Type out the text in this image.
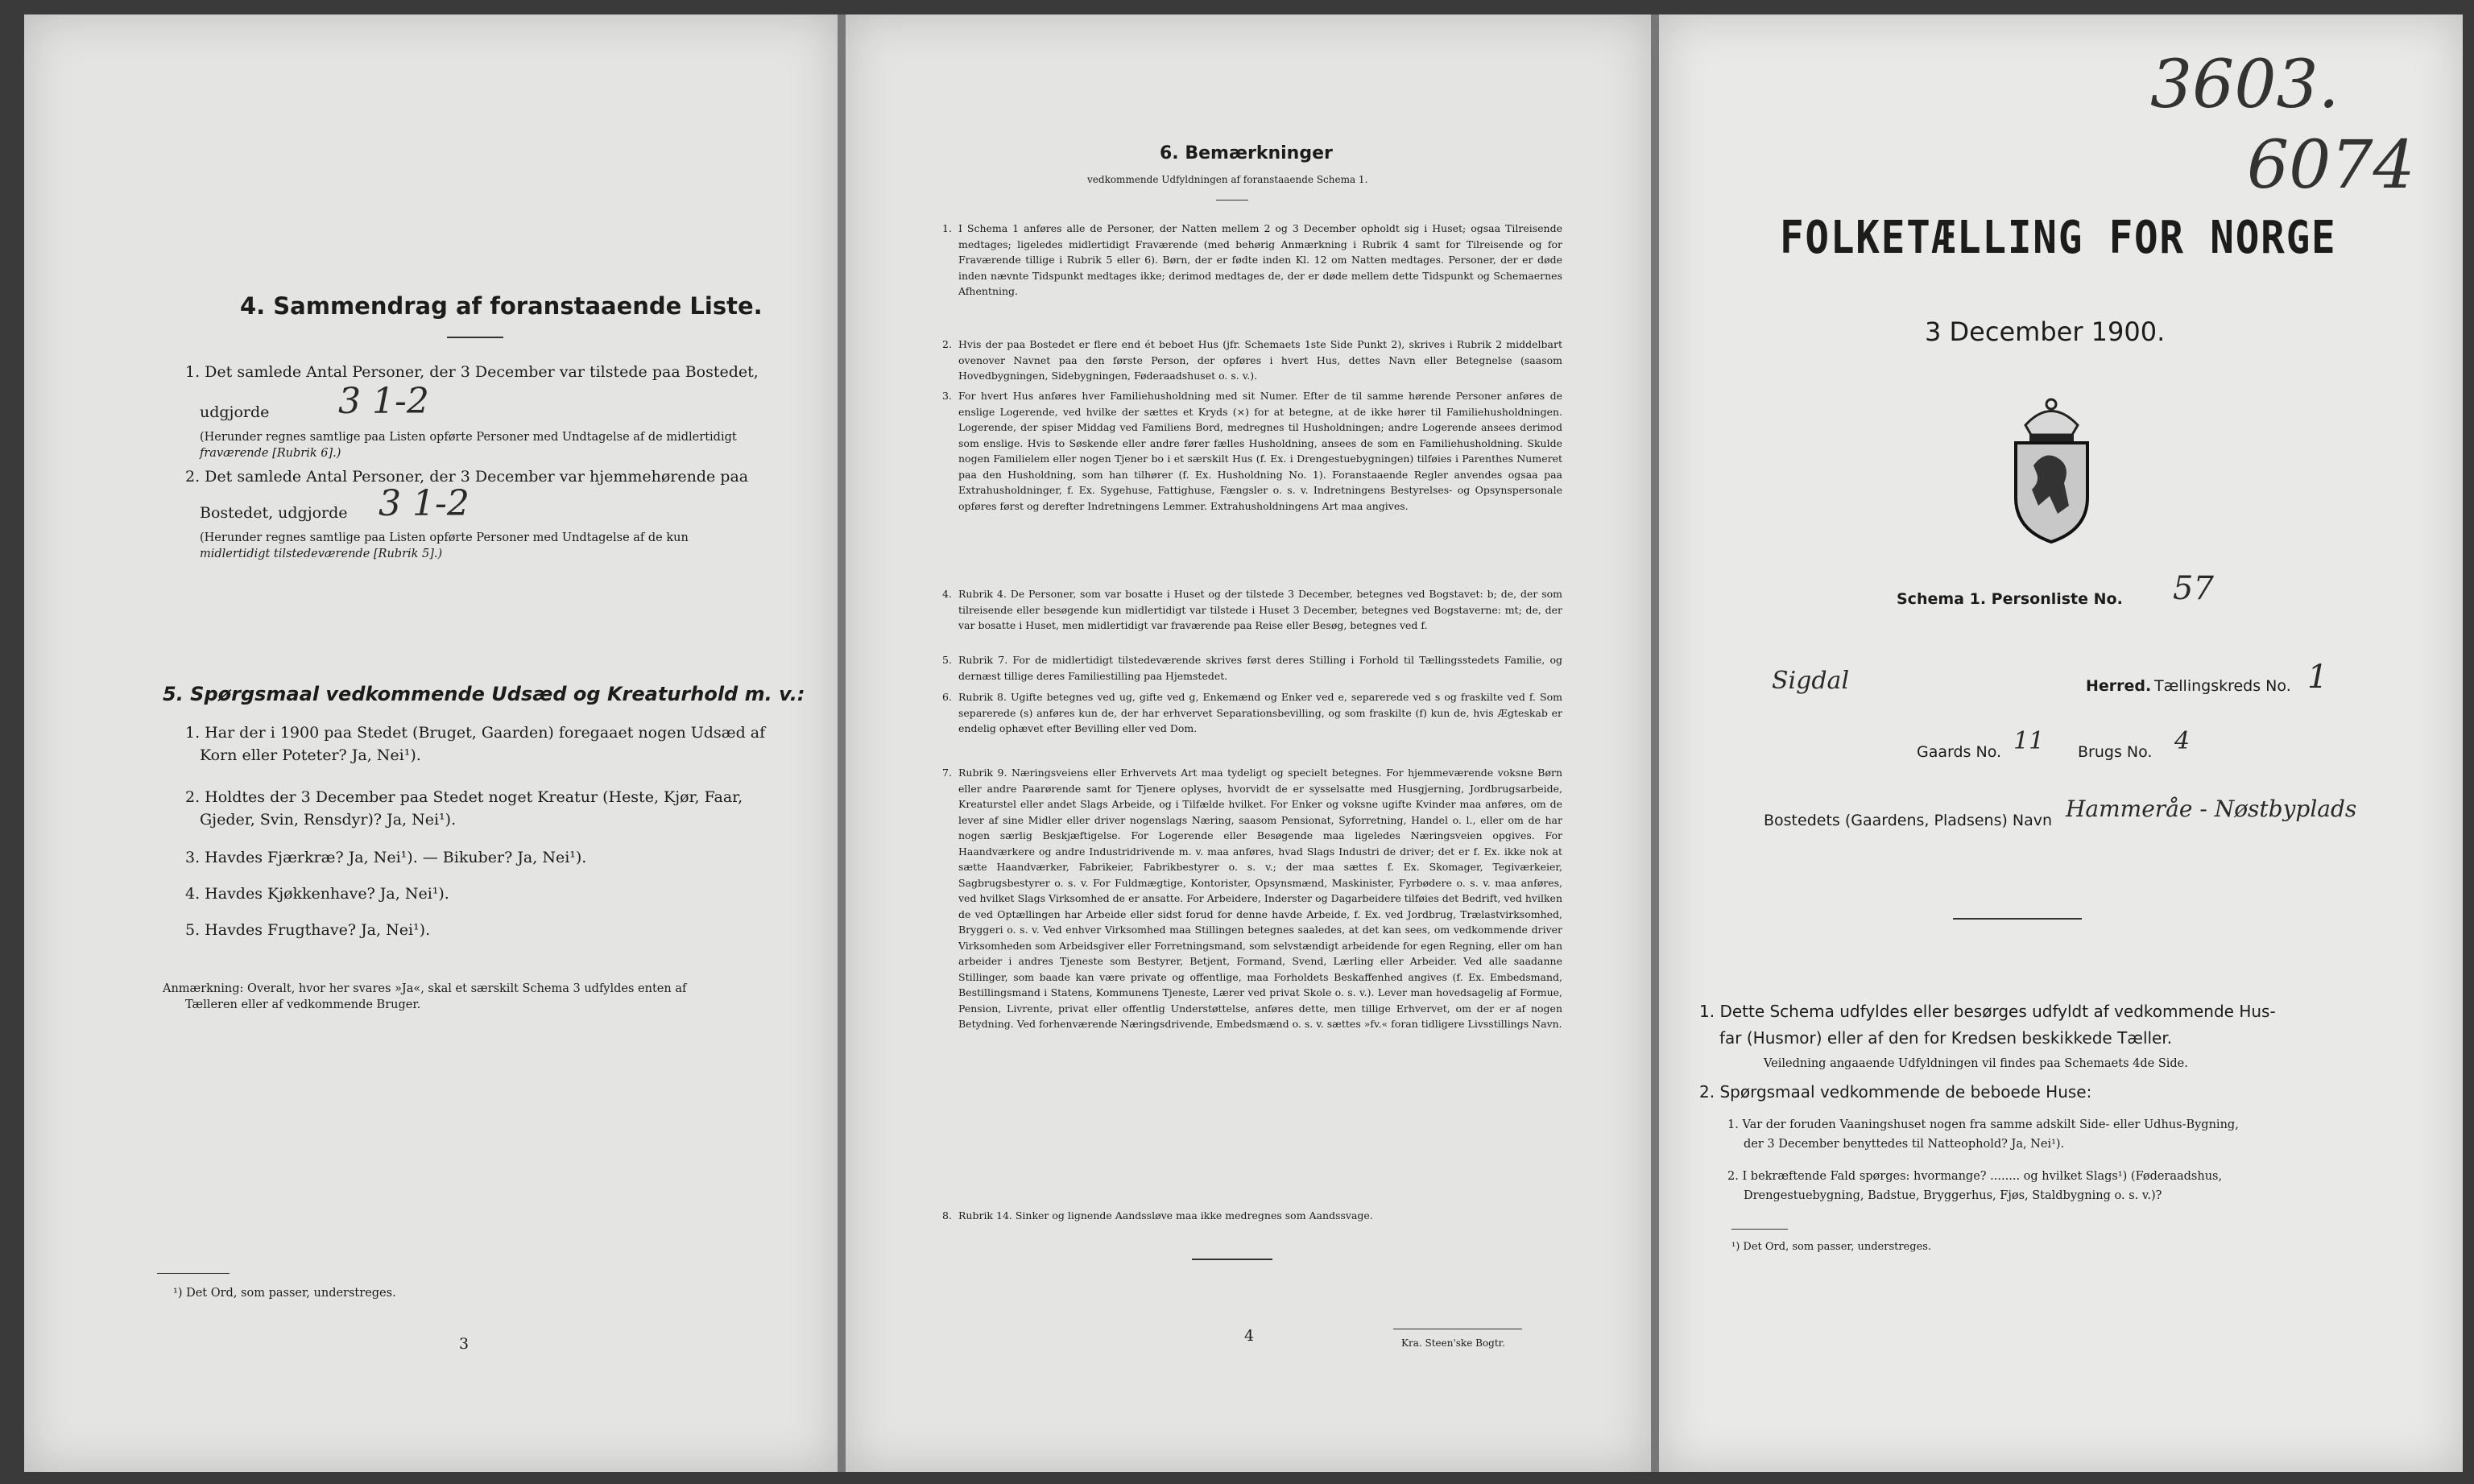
4. Sammendrag af foranstaaende Liste.
1. Det samlede Antal Personer, der 3 December var tilstede paa Bostedet,
udgjorde 3 1-2
(Herunder regnes samtlige paa Listen opførte Personer med Undtagelse af de midlertidigt
fraværende [Rubrik 6].)
2. Det samlede Antal Personer, der 3 December var hjemmehørende paa
Bostedet, udgjorde 3 1-2
(Herunder regnes samtlige paa Listen opførte Personer med Undtagelse af de kun
midlertidigt tilstedeværende [Rubrik 5].)
5. Spørgsmaal vedkommende Udsæd og Kreaturhold m. v.:
1. Har der i 1900 paa Stedet (Bruget, Gaarden) foregaaet nogen Udsæd af
Korn eller Poteter? Ja, Nei¹).
2. Holdtes der 3 December paa Stedet noget Kreatur (Heste, Kjør, Faar,
Gjeder, Svin, Rensdyr)? Ja, Nei¹).
3. Havdes Fjærkræ? Ja, Nei¹). — Bikuber? Ja, Nei¹).
4. Havdes Kjøkkenhave? Ja, Nei¹).
5. Havdes Frugthave? Ja, Nei¹).
Anmærkning: Overalt, hvor her svares »Ja«, skal et særskilt Schema 3 udfyldes enten af
Tælleren eller af vedkommende Bruger.
¹) Det Ord, som passer, understreges.
3
6. Bemærkninger
vedkommende Udfyldningen af foranstaaende Schema 1.
1. I Schema 1 anføres alle de Personer, der Natten mellem 2 og 3 December opholdt sig i Huset; ogsaa Tilreisende medtages; ligeledes midlertidigt Fraværende (med behørig Anmærkning i Rubrik 4 samt for Tilreisende og for Fraværende tillige i Rubrik 5 eller 6). Børn, der er fødte inden Kl. 12 om Natten medtages. Personer, der er døde inden nævnte Tidspunkt medtages ikke; derimod medtages de, der er døde mellem dette Tidspunkt og Schemaernes Afhentning.
2. Hvis der paa Bostedet er flere end ét beboet Hus (jfr. Schemaets 1ste Side Punkt 2), skrives i Rubrik 2 middelbart ovenover Navnet paa den første Person, der opføres i hvert Hus, dettes Navn eller Betegnelse (saasom Hovedbygningen, Sidebygningen, Føderaadshuset o. s. v.).
3. For hvert Hus anføres hver Familiehusholdning med sit Numer. Efter de til samme hørende Personer anføres de enslige Logerende, ved hvilke der sættes et Kryds (×) for at betegne, at de ikke hører til Familiehusholdningen. Logerende, der spiser Middag ved Familiens Bord, medregnes til Husholdningen; andre Logerende ansees derimod som enslige. Hvis to Søskende eller andre fører fælles Husholdning, ansees de som en Familiehusholdning. Skulde nogen Familielem eller nogen Tjener bo i et særskilt Hus (f. Ex. i Drengestuebygningen) tilføies i Parenthes Numeret paa den Husholdning, som han tilhører (f. Ex. Husholdning No. 1). Foranstaaende Regler anvendes ogsaa paa Extrahusholdninger, f. Ex. Sygehuse, Fattighuse, Fængsler o. s. v. Indretningens Bestyrelses- og Opsynspersonale opføres først og derefter Indretningens Lemmer. Extrahusholdningens Art maa angives.
4. Rubrik 4. De Personer, som var bosatte i Huset og der tilstede 3 December, betegnes ved Bogstavet: b; de, der som tilreisende eller besøgende kun midlertidigt var tilstede i Huset 3 December, betegnes ved Bogstaverne: mt; de, der var bosatte i Huset, men midlertidigt var fraværende paa Reise eller Besøg, betegnes ved f.
5. Rubrik 7. For de midlertidigt tilstedeværende skrives først deres Stilling i Forhold til Tællingsstedets Familie, og dernæst tillige deres Familiestilling paa Hjemstedet.
6. Rubrik 8. Ugifte betegnes ved ug, gifte ved g, Enkemænd og Enker ved e, separerede ved s og fraskilte ved f. Som separerede (s) anføres kun de, der har erhvervet Separationsbevilling, og som fraskilte (f) kun de, hvis Ægteskab er endelig ophævet efter Bevilling eller ved Dom.
7. Rubrik 9. Næringsveiens eller Erhvervets Art maa tydeligt og specielt betegnes. For hjemmeværende voksne Børn eller andre Paarørende samt for Tjenere oplyses, hvorvidt de er sysselsatte med Husgjerning, Jordbrugsarbeide, Kreaturstel eller andet Slags Arbeide, og i Tilfælde hvilket. For Enker og voksne ugifte Kvinder maa anføres, om de lever af sine Midler eller driver nogenslags Næring, saasom Pensionat, Syforretning, Handel o. l., eller om de har nogen særlig Beskjæftigelse. For Logerende eller Besøgende maa ligeledes Næringsveien opgives. For Haandværkere og andre Industridrivende m. v. maa anføres, hvad Slags Industri de driver; det er f. Ex. ikke nok at sætte Haandværker, Fabrikeier, Fabrikbestyrer o. s. v.; der maa sættes f. Ex. Skomager, Tegiværkeier, Sagbrugsbestyrer o. s. v. For Fuldmægtige, Kontorister, Opsynsmænd, Maskinister, Fyrbødere o. s. v. maa anføres, ved hvilket Slags Virksomhed de er ansatte. For Arbeidere, Inderster og Dagarbeidere tilføies det Bedrift, ved hvilken de ved Optællingen har Arbeide eller sidst forud for denne havde Arbeide, f. Ex. ved Jordbrug, Trælastvirksomhed, Bryggeri o. s. v. Ved enhver Virksomhed maa Stillingen betegnes saaledes, at det kan sees, om vedkommende driver Virksomheden som Arbeidsgiver eller Forretningsmand, som selvstændigt arbeidende for egen Regning, eller om han arbeider i andres Tjeneste som Bestyrer, Betjent, Formand, Svend, Lærling eller Arbeider. Ved alle saadanne Stillinger, som baade kan være private og offentlige, maa Forholdets Beskaffenhed angives (f. Ex. Embedsmand, Bestillingsmand i Statens, Kommunens Tjeneste, Lærer ved privat Skole o. s. v.). Lever man hovedsagelig af Formue, Pension, Livrente, privat eller offentlig Understøttelse, anføres dette, men tillige Erhvervet, om der er af nogen Betydning. Ved forhenværende Næringsdrivende, Embedsmænd o. s. v. sættes »fv.« foran tidligere Livsstillings Navn.
8. Rubrik 14. Sinker og lignende Aandssløve maa ikke medregnes som Aandssvage.
4	Kra. Steen'ske Bogtr.
3603.
6074
FOLKETÆLLING FOR NORGE
3 December 1900.
Schema 1. Personliste No. 57
Sigdal	Herred. Tællingskreds No. 1
Gaards No. 11 Brugs No. 4
Bostedets (Gaardens, Pladsens) Navn Hammeråe - Nøstbyplads
1. Dette Schema udfyldes eller besørges udfyldt af vedkommende Hus-
far (Husmor) eller af den for Kredsen beskikkede Tæller.
Veiledning angaaende Udfyldningen vil findes paa Schemaets 4de Side.
2. Spørgsmaal vedkommende de beboede Huse:
1. Var der foruden Vaaningshuset nogen fra samme adskilt Side- eller Udhus-Bygning,
der 3 December benyttedes til Natteophold? Ja, Nei¹).
2. I bekræftende Fald spørges: hvormange? ........ og hvilket Slags¹) (Føderaadshus,
Drengestuebygning, Badstue, Bryggerhus, Fjøs, Staldbygning o. s. v.)?
¹) Det Ord, som passer, understreges.
